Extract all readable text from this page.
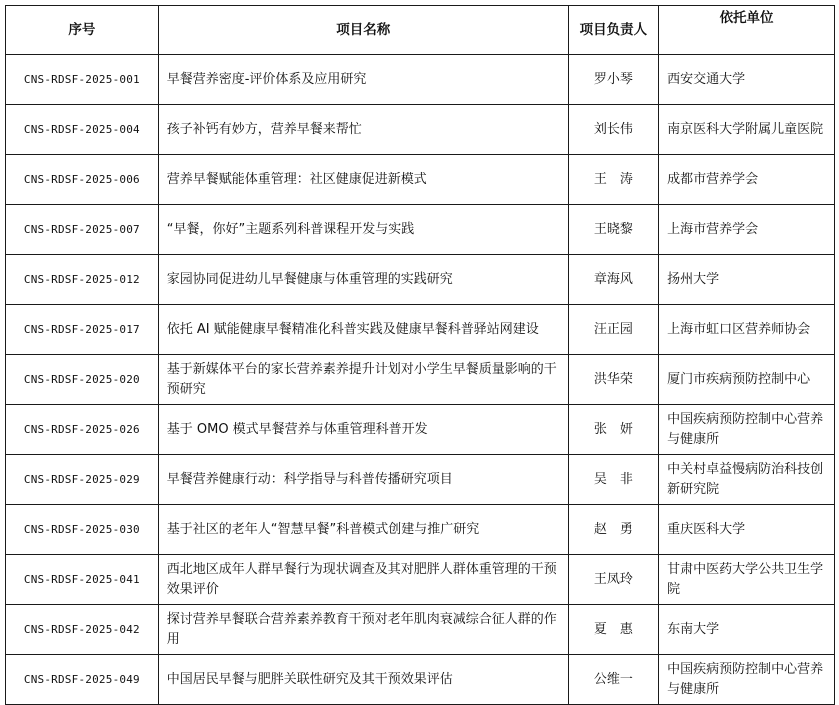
序号	项目名称	项目负责人	依托单位
CNS-RDSF-2025-001	早餐营养密度-评价体系及应用研究	罗小琴	西安交通大学
CNS-RDSF-2025-004	孩子补钙有妙方，营养早餐来帮忙	刘长伟	南京医科大学附属儿童医院
CNS-RDSF-2025-006	营养早餐赋能体重管理：社区健康促进新模式	王　涛	成都市营养学会
CNS-RDSF-2025-007	“早餐，你好”主题系列科普课程开发与实践	王晓黎	上海市营养学会
CNS-RDSF-2025-012	家园协同促进幼儿早餐健康与体重管理的实践研究	章海风	扬州大学
CNS-RDSF-2025-017	依托 AI 赋能健康早餐精准化科普实践及健康早餐科普驿站网建设	汪正园	上海市虹口区营养师协会
CNS-RDSF-2025-020	基于新媒体平台的家长营养素养提升计划对小学生早餐质量影响的干预研究	洪华荣	厦门市疾病预防控制中心
CNS-RDSF-2025-026	基于 OMO 模式早餐营养与体重管理科普开发	张　妍	中国疾病预防控制中心营养与健康所
CNS-RDSF-2025-029	早餐营养健康行动：科学指导与科普传播研究项目	吴　非	中关村卓益慢病防治科技创新研究院
CNS-RDSF-2025-030	基于社区的老年人“智慧早餐”科普模式创建与推广研究	赵　勇	重庆医科大学
CNS-RDSF-2025-041	西北地区成年人群早餐行为现状调查及其对肥胖人群体重管理的干预效果评价	王凤玲	甘肃中医药大学公共卫生学院
CNS-RDSF-2025-042	探讨营养早餐联合营养素养教育干预对老年肌肉衰减综合征人群的作用	夏　惠	东南大学
CNS-RDSF-2025-049	中国居民早餐与肥胖关联性研究及其干预效果评估	公维一	中国疾病预防控制中心营养与健康所
